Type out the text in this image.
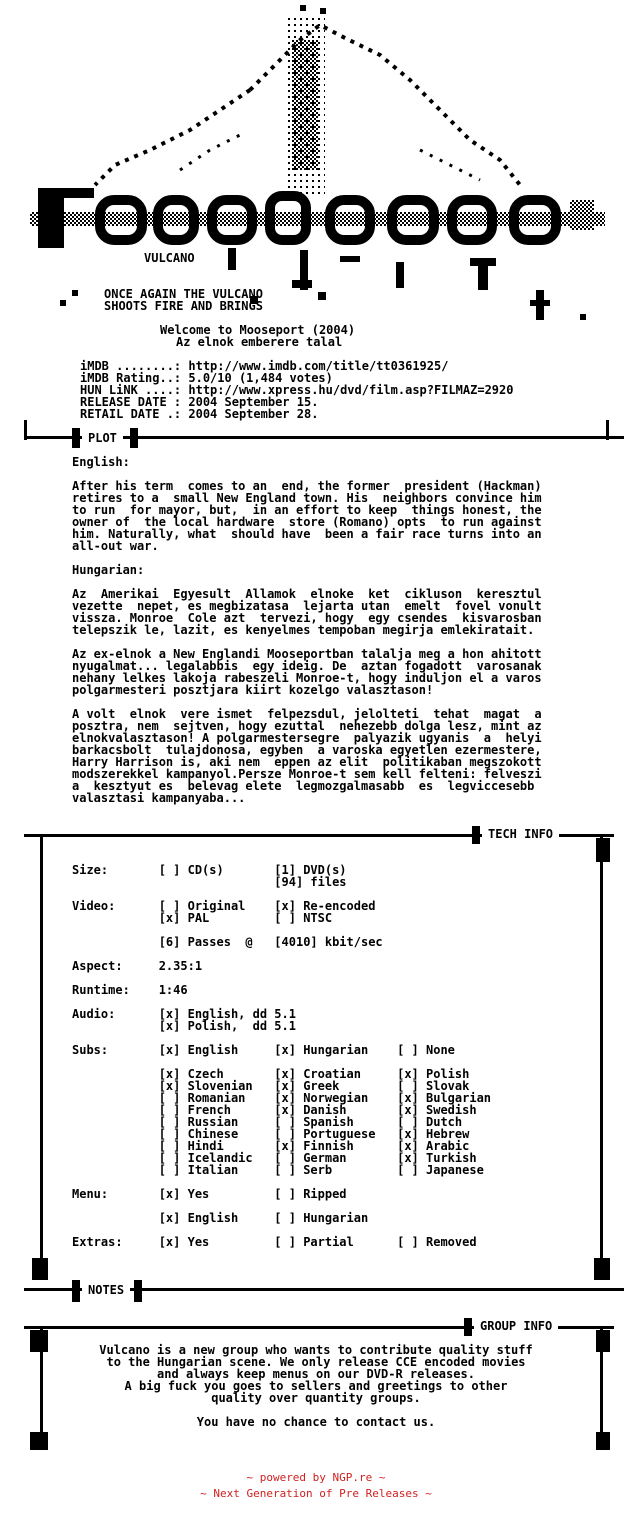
VULCANO
ONCE AGAIN THE VULCANO
SHOOTS FIRE AND BRINGS
Welcome to Mooseport (2004)
Az elnok emberere talal
iMDB ........: http://www.imdb.com/title/tt0361925/
iMDB Rating..: 5.0/10 (1,484 votes)
HUN LiNK ....: http://www.xpress.hu/dvd/film.asp?FILMAZ=2920
RELEASE DATE : 2004 September 15.
RETAIL DATE .: 2004 September 28.
PLOT
English:

After his term  comes to an  end, the former  president (Hackman)
retires to a  small New England town. His  neighbors convince him
to run  for mayor, but,  in an effort to keep  things honest, the
owner of  the local hardware  store (Romano) opts  to run against
him. Naturally, what  should have  been a fair race turns into an
all-out war.

Hungarian:

Az  Amerikai  Egyesult  Allamok  elnoke  ket  cikluson  keresztul
vezette  nepet, es megbizatasa  lejarta utan  emelt  fovel vonult
vissza. Monroe  Cole azt  tervezi, hogy  egy csendes  kisvarosban
telepszik le, lazit, es kenyelmes tempoban megirja emlekiratait.

Az ex-elnok a New Englandi Mooseportban talalja meg a hon ahitott
nyugalmat... legalabbis  egy ideig. De  aztan fogadott  varosanak
nehany lelkes lakoja rabeszeli Monroe-t, hogy induljon el a varos
polgarmesteri posztjara kiirt kozelgo valasztason!

A volt  elnok  vere ismet  felpezsdul, jelolteti  tehat  magat  a
posztra, nem  sejtven, hogy ezuttal  nehezebb dolga lesz, mint az
elnokvalasztason! A polgarmestersegre  palyazik ugyanis  a  helyi
barkacsbolt  tulajdonosa, egyben  a varoska egyetlen ezermestere,
Harry Harrison is, aki nem  eppen az elit  politikaban megszokott
modszerekkel kampanyol.Persze Monroe-t sem kell felteni: felveszi
a  kesztyut es  belevag elete  legmozgalmasabb  es  legviccesebb
valasztasi kampanyaba...
TECH INFO
Size:       [ ] CD(s)       [1] DVD(s)
[94] files

Video:      [ ] Original    [x] Re-encoded
[x] PAL         [ ] NTSC

[6] Passes  @   [4010] kbit/sec

Aspect:     2.35:1

Runtime:    1:46

Audio:      [x] English, dd 5.1
[x] Polish,  dd 5.1

Subs:       [x] English     [x] Hungarian    [ ] None

[x] Czech       [x] Croatian     [x] Polish
[x] Slovenian   [x] Greek        [ ] Slovak
[ ] Romanian    [x] Norwegian    [x] Bulgarian
[ ] French      [x] Danish       [x] Swedish
[ ] Russian     [ ] Spanish      [ ] Dutch
[ ] Chinese     [ ] Portuguese   [x] Hebrew
[ ] Hindi       [x] Finnish      [x] Arabic
[ ] Icelandic   [ ] German       [x] Turkish
[ ] Italian     [ ] Serb         [ ] Japanese

Menu:       [x] Yes         [ ] Ripped

[x] English     [ ] Hungarian

Extras:     [x] Yes         [ ] Partial      [ ] Removed
NOTES
GROUP INFO
Vulcano is a new group who wants to contribute quality stuff
to the Hungarian scene. We only release CCE encoded movies
and always keep menus on our DVD-R releases.
A big fuck you goes to sellers and greetings to other
quality over quantity groups.

You have no chance to contact us.
~ powered by NGP.re ~
~ Next Generation of Pre Releases ~
